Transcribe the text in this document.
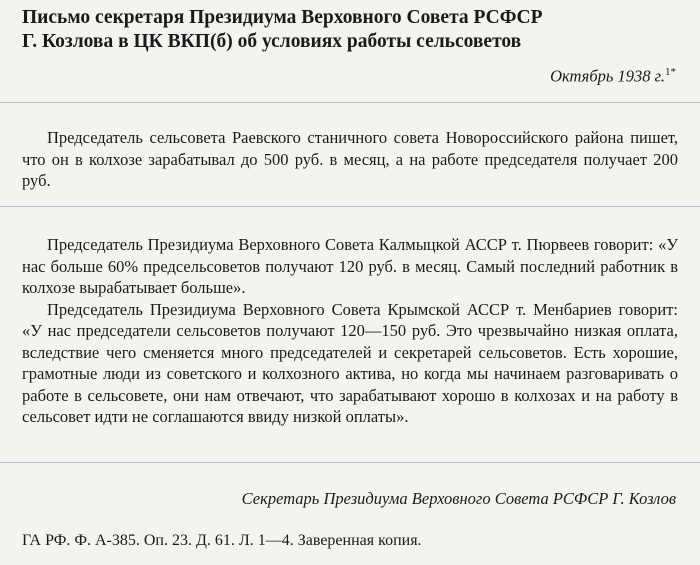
Письмо секретаря Президиума Верховного Совета РСФСР
Г. Козлова в ЦК ВКП(б) об условиях работы сельсоветов
Октябрь 1938 г.$^{1*}$

Председатель сельсовета Раевского станичного совета Новороссийского района пишет, что он в колхозе зарабатывал до 500 руб. в месяц, а на работе председателя получает 200 руб.

Председатель Президиума Верховного Совета Калмыцкой АССР т. Пюрвеев говорит: «У нас больше 60% предсельсоветов получают 120 руб. в месяц. Самый последний работник в колхозе вырабатывает больше».

Председатель Президиума Верховного Совета Крымской АССР т. Менбариев говорит: «У нас председатели сельсоветов получают 120—150 руб. Это чрезвычайно низкая оплата, вследствие чего сменяется много председателей и секретарей сельсоветов. Есть хорошие, грамотные люди из советского и колхозного актива, но когда мы начинаем разговаривать о работе в сельсовете, они нам отвечают, что зарабатывают хорошо в колхозах и на работу в сельсовет идти не соглашаются ввиду низкой оплаты».

Секретарь Президиума Верховного Совета РСФСР Г. Козлов
ГА РФ. Ф. А-385. Оп. 23. Д. 61. Л. 1—4. Заверенная копия.
